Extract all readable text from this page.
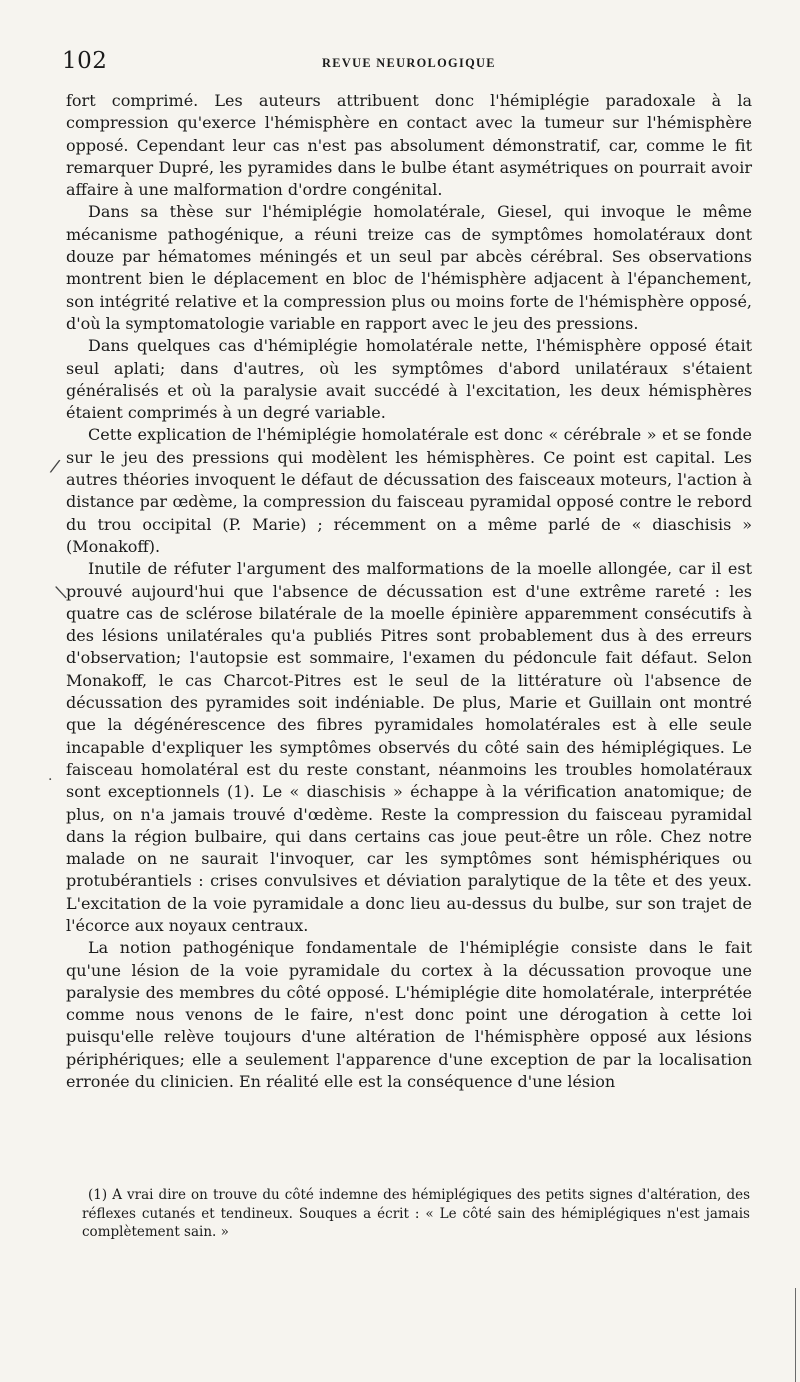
102	REVUE NEUROLOGIQUE

fort comprimé. Les auteurs attribuent donc l'hémiplégie paradoxale à la compression qu'exerce l'hémisphère en contact avec la tumeur sur l'hémisphère opposé. Cependant leur cas n'est pas absolument démonstratif, car, comme le fit remarquer Dupré, les pyramides dans le bulbe étant asymétriques on pourrait avoir affaire à une malformation d'ordre congénital.

Dans sa thèse sur l'hémiplégie homolatérale, Giesel, qui invoque le même mécanisme pathogénique, a réuni treize cas de symptômes homolatéraux dont douze par hématomes méningés et un seul par abcès cérébral. Ses observations montrent bien le déplacement en bloc de l'hémisphère adjacent à l'épanchement, son intégrité relative et la compression plus ou moins forte de l'hémisphère opposé, d'où la symptomatologie variable en rapport avec le jeu des pressions.

Dans quelques cas d'hémiplégie homolatérale nette, l'hémisphère opposé était seul aplati; dans d'autres, où les symptômes d'abord unilatéraux s'étaient généralisés et où la paralysie avait succédé à l'excitation, les deux hémisphères étaient comprimés à un degré variable.

Cette explication de l'hémiplégie homolatérale est donc « cérébrale » et se fonde sur le jeu des pressions qui modèlent les hémisphères. Ce point est capital. Les autres théories invoquent le défaut de décussation des faisceaux moteurs, l'action à distance par œdème, la compression du faisceau pyramidal opposé contre le rebord du trou occipital (P. Marie) ; récemment on a même parlé de « diaschisis » (Monakoff).

Inutile de réfuter l'argument des malformations de la moelle allongée, car il est prouvé aujourd'hui que l'absence de décussation est d'une extrême rareté : les quatre cas de sclérose bilatérale de la moelle épinière apparemment consécutifs à des lésions unilatérales qu'a publiés Pitres sont probablement dus à des erreurs d'observation; l'autopsie est sommaire, l'examen du pédoncule fait défaut. Selon Monakoff, le cas Charcot-Pitres est le seul de la littérature où l'absence de décussation des pyramides soit indéniable. De plus, Marie et Guillain ont montré que la dégénérescence des fibres pyramidales homolatérales est à elle seule incapable d'expliquer les symptômes observés du côté sain des hémiplégiques. Le faisceau homolatéral est du reste constant, néanmoins les troubles homolatéraux sont exceptionnels (1). Le « diaschisis » échappe à la vérification anatomique; de plus, on n'a jamais trouvé d'œdème. Reste la compression du faisceau pyramidal dans la région bulbaire, qui dans certains cas joue peut-être un rôle. Chez notre malade on ne saurait l'invoquer, car les symptômes sont hémisphériques ou protubérantiels : crises convulsives et déviation paralytique de la tête et des yeux. L'excitation de la voie pyramidale a donc lieu au-dessus du bulbe, sur son trajet de l'écorce aux noyaux centraux.

La notion pathogénique fondamentale de l'hémiplégie consiste dans le fait qu'une lésion de la voie pyramidale du cortex à la décussation provoque une paralysie des membres du côté opposé. L'hémiplégie dite homolatérale, interprétée comme nous venons de le faire, n'est donc point une dérogation à cette loi puisqu'elle relève toujours d'une altération de l'hémisphère opposé aux lésions périphériques; elle a seulement l'apparence d'une exception de par la localisation erronée du clinicien. En réalité elle est la conséquence d'une lésion

(1) A vrai dire on trouve du côté indemne des hémiplégiques des petits signes d'altération, des réflexes cutanés et tendineux. Souques a écrit : « Le côté sain des hémiplégiques n'est jamais complètement sain. »

/
\
.
